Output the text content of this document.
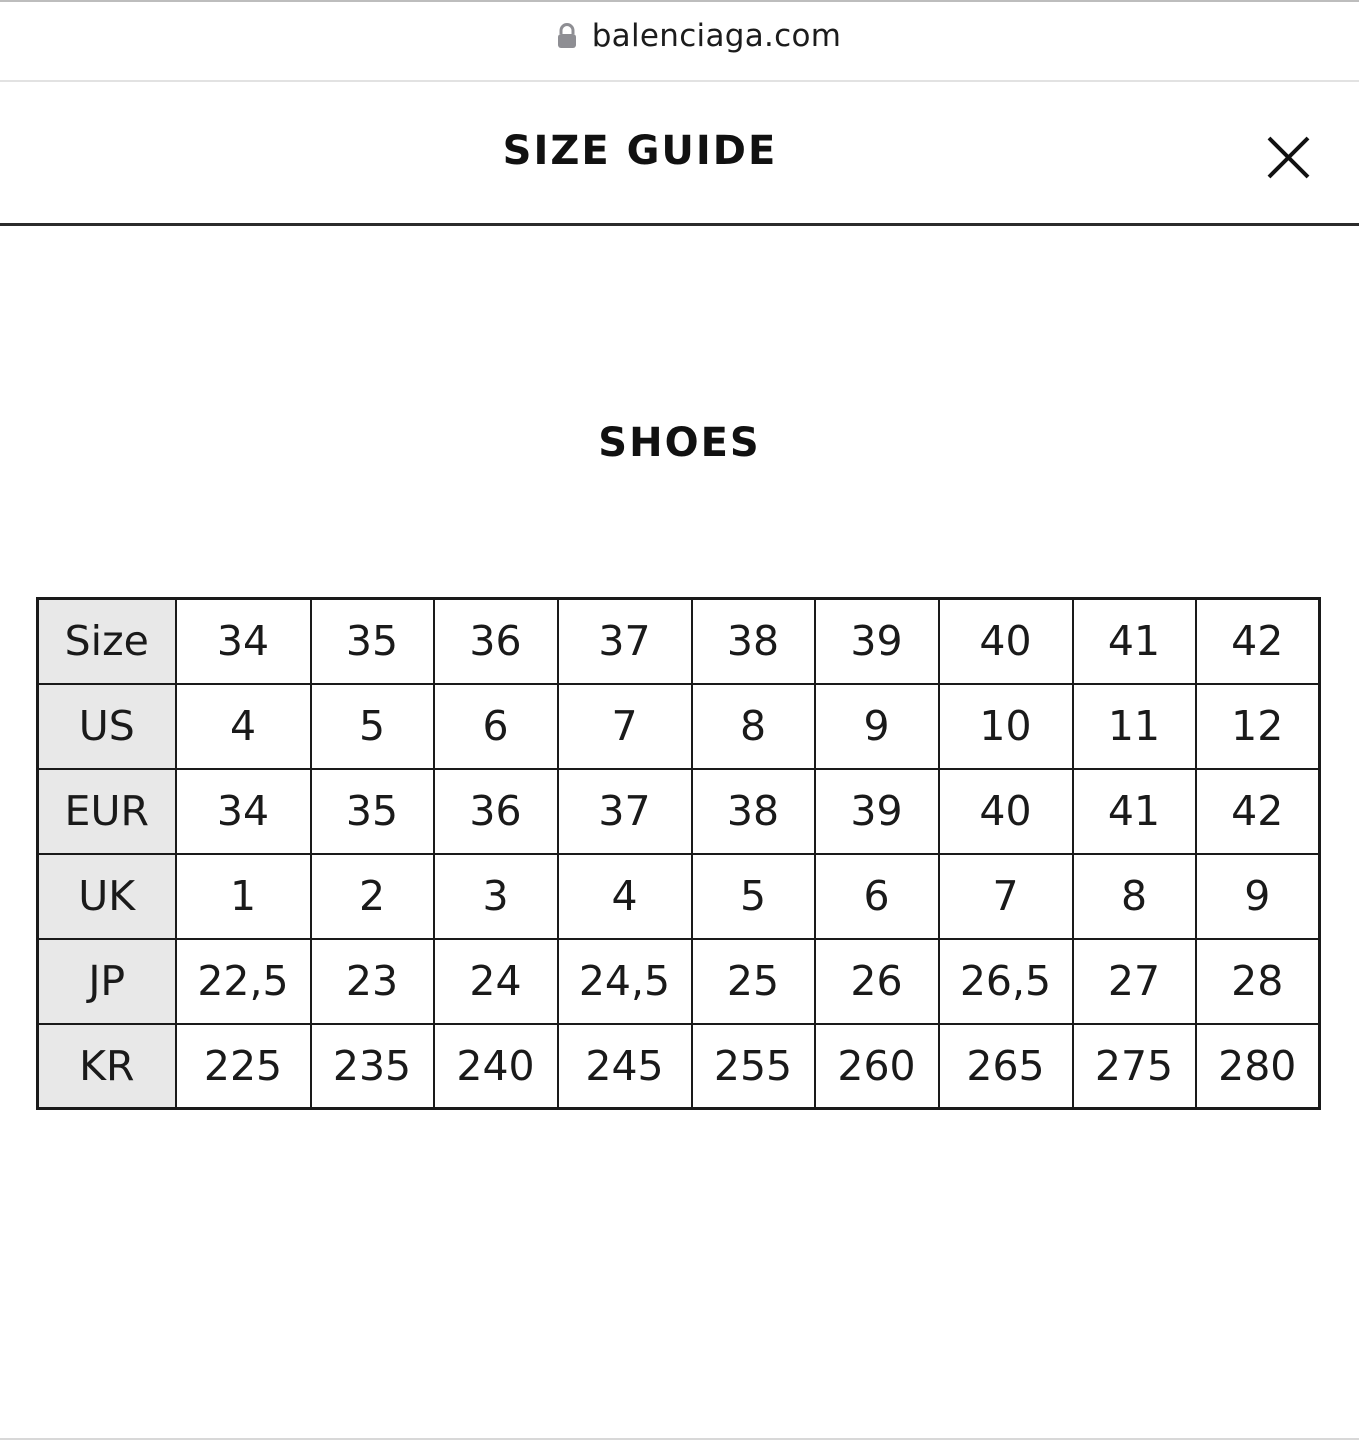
balenciaga.com
SIZE GUIDE
SHOES
Size	34	35	36	37	38	39	40	41	42
US	4	5	6	7	8	9	10	11	12
EUR	34	35	36	37	38	39	40	41	42
UK	1	2	3	4	5	6	7	8	9
JP	22,5	23	24	24,5	25	26	26,5	27	28
KR	225	235	240	245	255	260	265	275	280
